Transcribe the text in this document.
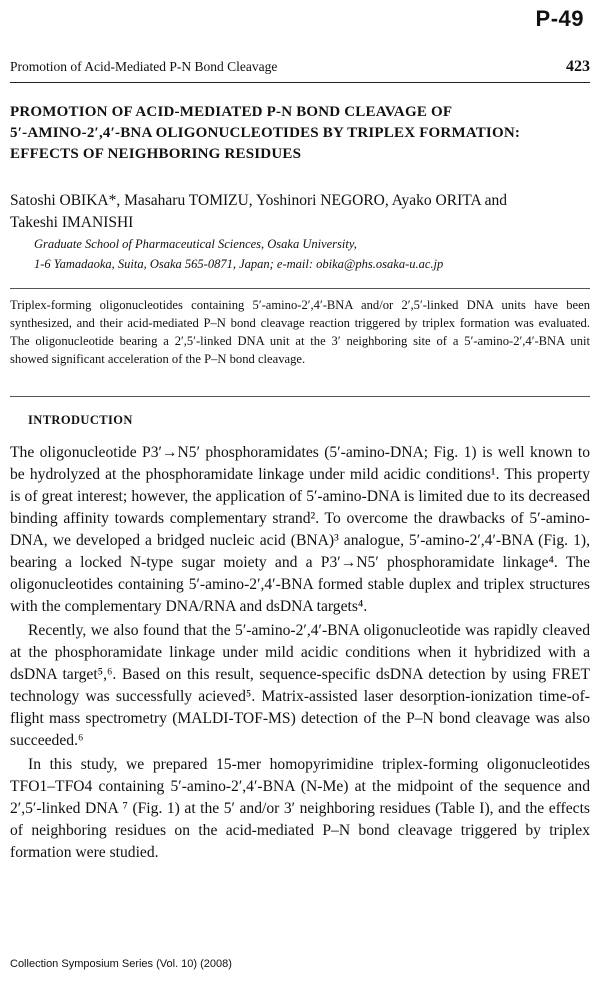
P-49
Promotion of Acid-Mediated P-N Bond Cleavage	423
PROMOTION OF ACID-MEDIATED P-N BOND CLEAVAGE OF
5′-AMINO-2′,4′-BNA OLIGONUCLEOTIDES BY TRIPLEX FORMATION:
EFFECTS OF NEIGHBORING RESIDUES
Satoshi OBIKA*, Masaharu TOMIZU, Yoshinori NEGORO, Ayako ORITA and
Takeshi IMANISHI
Graduate School of Pharmaceutical Sciences, Osaka University,
1-6 Yamadaoka, Suita, Osaka 565-0871, Japan; e-mail: obika@phs.osaka-u.ac.jp
Triplex-forming oligonucleotides containing 5′-amino-2′,4′-BNA and/or 2′,5′-linked DNA units have been synthesized, and their acid-mediated P–N bond cleavage reaction triggered by triplex formation was evaluated. The oligonucleotide bearing a 2′,5′-linked DNA unit at the 3′ neighboring site of a 5′-amino-2′,4′-BNA unit showed significant acceleration of the P–N bond cleavage.
INTRODUCTION

The oligonucleotide P3′→N5′ phosphoramidates (5′-amino-DNA; Fig. 1) is well known to be hydrolyzed at the phosphoramidate linkage under mild acidic conditions¹. This property is of great interest; however, the application of 5′-amino-DNA is limited due to its decreased binding affinity towards complementary strand². To overcome the drawbacks of 5′-amino-DNA, we developed a bridged nucleic acid (BNA)³ analogue, 5′-amino-2′,4′-BNA (Fig. 1), bearing a locked N-type sugar moiety and a P3′→N5′ phosphoramidate linkage⁴. The oligonucleotides containing 5′-amino-2′,4′-BNA formed stable duplex and triplex structures with the complementary DNA/RNA and dsDNA targets⁴.

Recently, we also found that the 5′-amino-2′,4′-BNA oligonucleotide was rapidly cleaved at the phosphoramidate linkage under mild acidic conditions when it hybridized with a dsDNA target⁵,⁶. Based on this result, sequence-specific dsDNA detection by using FRET technology was successfully acieved⁵. Matrix-assisted laser desorption-ionization time-of-flight mass spectrometry (MALDI-TOF-MS) detection of the P–N bond cleavage was also succeeded.⁶

In this study, we prepared 15-mer homopyrimidine triplex-forming oligonucleotides TFO1–TFO4 containing 5′-amino-2′,4′-BNA (N-Me) at the midpoint of the sequence and 2′,5′-linked DNA ⁷ (Fig. 1) at the 5′ and/or 3′ neighboring residues (Table I), and the effects of neighboring residues on the acid-mediated P–N bond cleavage triggered by triplex formation were studied.

Collection Symposium Series (Vol. 10) (2008)
